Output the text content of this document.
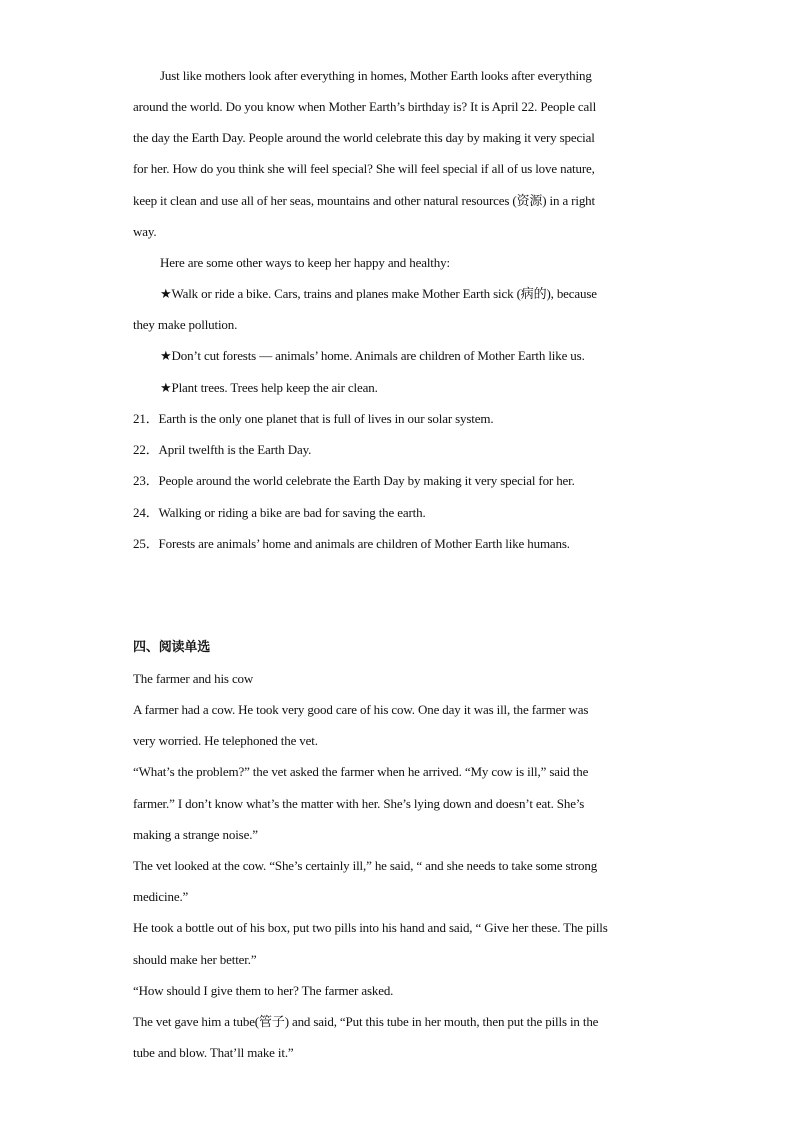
Just like mothers look after everything in homes, Mother Earth looks after everything
around the world. Do you know when Mother Earth’s birthday is? It is April 22. People call
the day the Earth Day. People around the world celebrate this day by making it very special
for her. How do you think she will feel special? She will feel special if all of us love nature,
keep it clean and use all of her seas, mountains and other natural resources (资源) in a right
way.
Here are some other ways to keep her happy and healthy:
★Walk or ride a bike. Cars, trains and planes make Mother Earth sick (病的), because
they make pollution.
★Don’t cut forests — animals’ home. Animals are children of Mother Earth like us.
★Plant trees. Trees help keep the air clean.
21．Earth is the only one planet that is full of lives in our solar system.
22．April twelfth is the Earth Day.
23．People around the world celebrate the Earth Day by making it very special for her.
24．Walking or riding a bike are bad for saving the earth.
25．Forests are animals’ home and animals are children of Mother Earth like humans.
四、阅读单选
The farmer and his cow
A farmer had a cow. He took very good care of his cow. One day it was ill, the farmer was
very worried. He telephoned the vet.
“What’s the problem?” the vet asked the farmer when he arrived. “My cow is ill,” said the
farmer.” I don’t know what’s the matter with her. She’s lying down and doesn’t eat. She’s
making a strange noise.”
The vet looked at the cow. “She’s certainly ill,” he said, “ and she needs to take some strong
medicine.”
He took a bottle out of his box, put two pills into his hand and said, “ Give her these. The pills
should make her better.”
“How should I give them to her? The farmer asked.
The vet gave him a tube(管子) and said, “Put this tube in her mouth, then put the pills in the
tube and blow. That’ll make it.”
